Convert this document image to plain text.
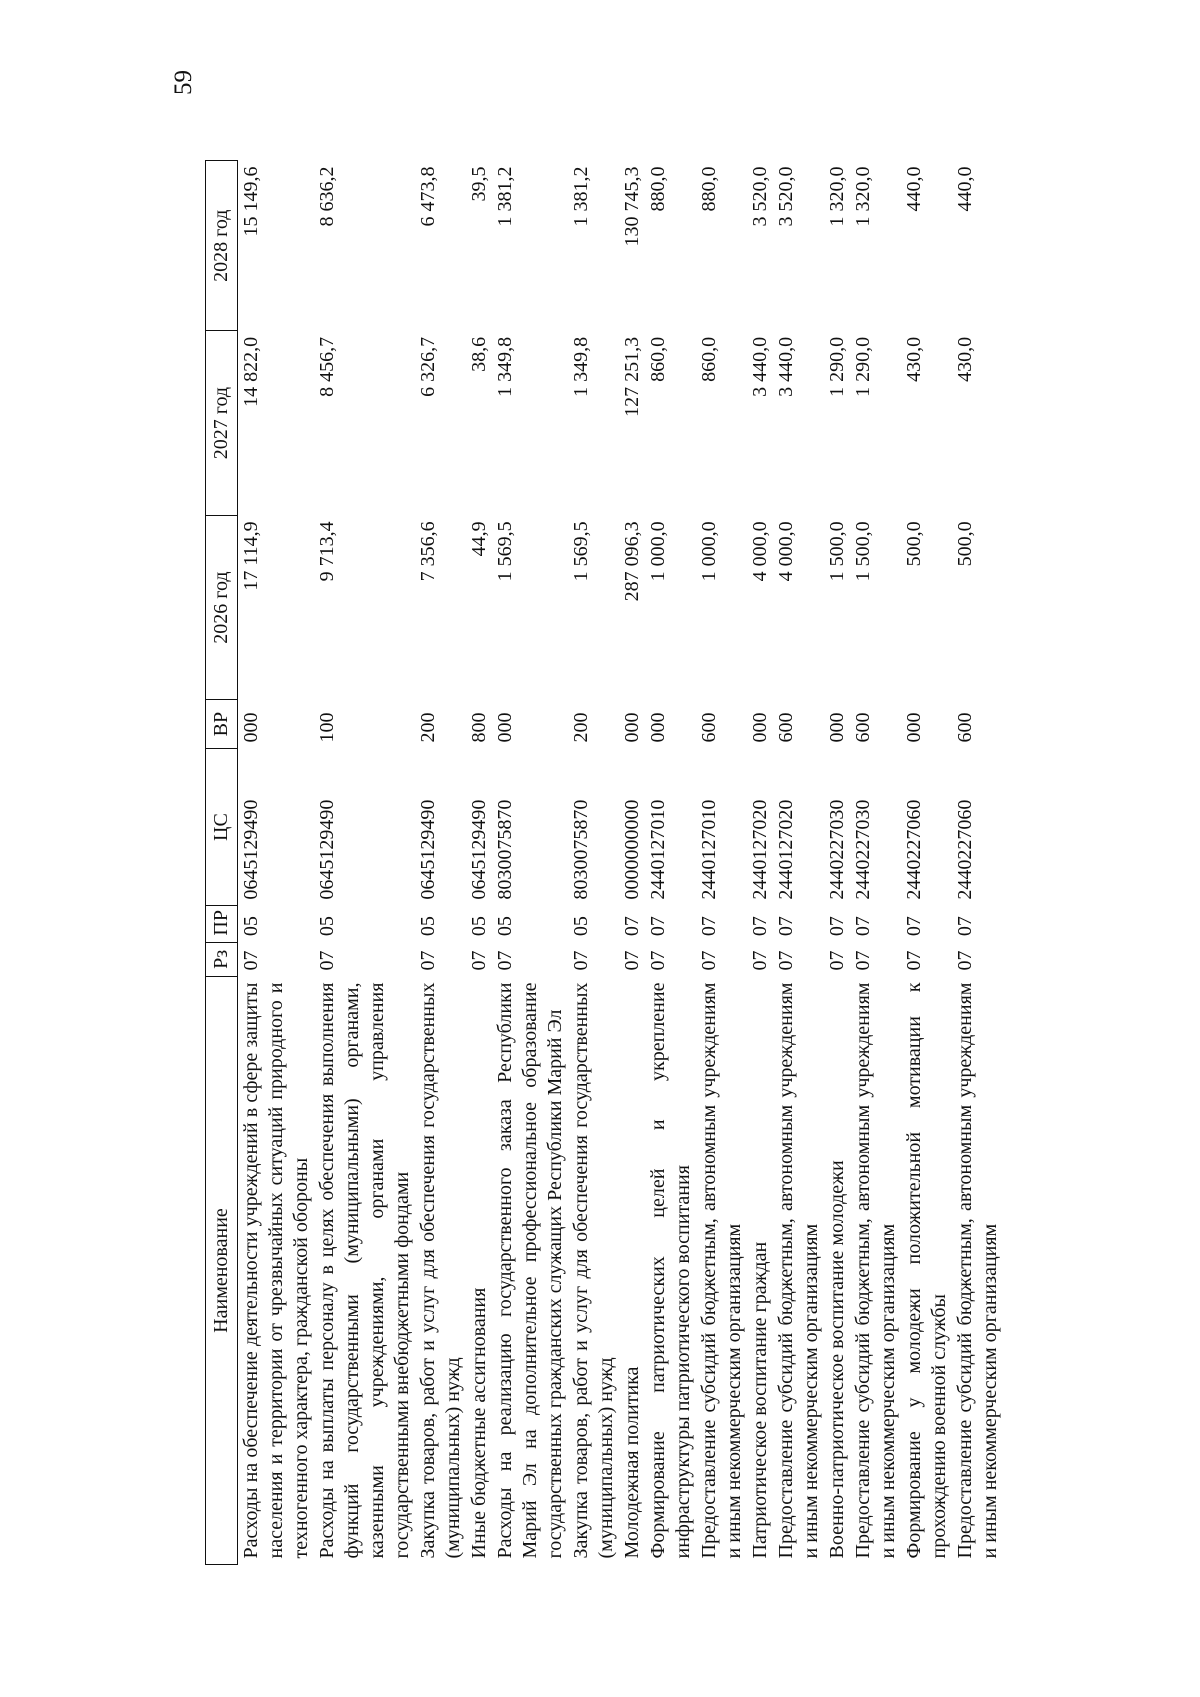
59
Наименование	Рз	ПР	ЦС	ВР	2026 год	2027 год	2028 год
Расходы на обеспечение деятельности учреждений в сфере защиты населения и территории от чрезвычайных ситуаций природного и техногенного характера, гражданской обороны	07	05	0645129490	000	17 114,9	14 822,0	15 149,6
Расходы на выплаты персоналу в целях обеспечения выполнения функций государственными (муниципальными) органами, казенными учреждениями, органами управления государственными внебюджетными фондами	07	05	0645129490	100	9 713,4	8 456,7	8 636,2
Закупка товаров, работ и услуг для обеспечения государственных (муниципальных) нужд	07	05	0645129490	200	7 356,6	6 326,7	6 473,8
Иные бюджетные ассигнования	07	05	0645129490	800	44,9	38,6	39,5
Расходы на реализацию государственного заказа Республики Марий Эл на дополнительное профессиональное образование государственных гражданских служащих Республики Марий Эл	07	05	8030075870	000	1 569,5	1 349,8	1 381,2
Закупка товаров, работ и услуг для обеспечения государственных (муниципальных) нужд	07	05	8030075870	200	1 569,5	1 349,8	1 381,2
Молодежная политика	07	07	0000000000	000	287 096,3	127 251,3	130 745,3
Формирование патриотических целей и укрепление инфраструктуры патриотического воспитания	07	07	2440127010	000	1 000,0	860,0	880,0
Предоставление субсидий бюджетным, автономным учреждениям и иным некоммерческим организациям	07	07	2440127010	600	1 000,0	860,0	880,0
Патриотическое воспитание граждан	07	07	2440127020	000	4 000,0	3 440,0	3 520,0
Предоставление субсидий бюджетным, автономным учреждениям и иным некоммерческим организациям	07	07	2440127020	600	4 000,0	3 440,0	3 520,0
Военно-патриотическое воспитание молодежи	07	07	2440227030	000	1 500,0	1 290,0	1 320,0
Предоставление субсидий бюджетным, автономным учреждениям и иным некоммерческим организациям	07	07	2440227030	600	1 500,0	1 290,0	1 320,0
Формирование у молодежи положительной мотивации к прохождению военной службы	07	07	2440227060	000	500,0	430,0	440,0
Предоставление субсидий бюджетным, автономным учреждениям и иным некоммерческим организациям	07	07	2440227060	600	500,0	430,0	440,0
